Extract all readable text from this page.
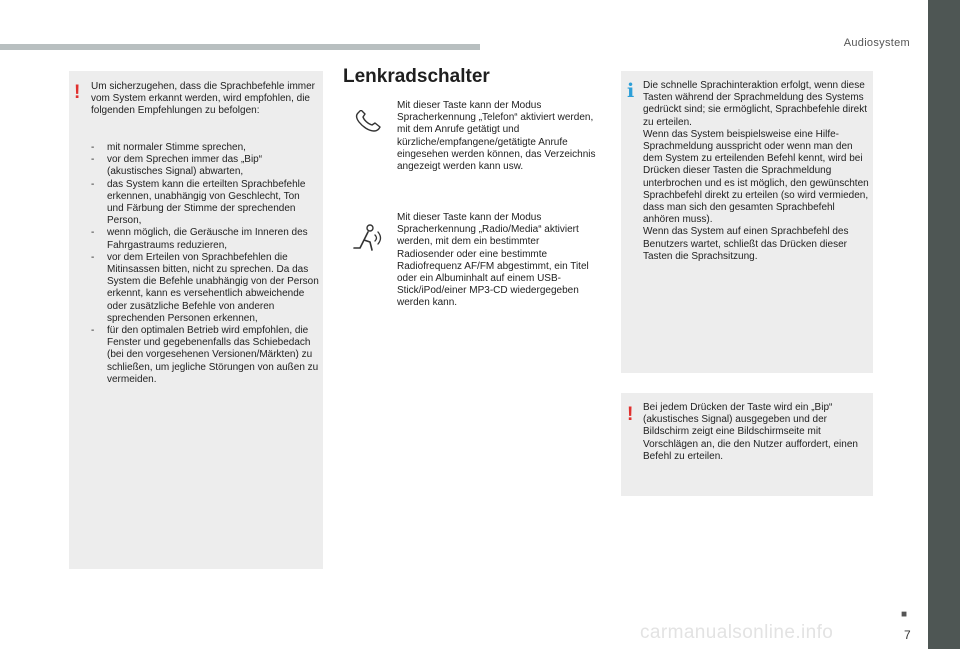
Audiosystem
! Um sicherzugehen, dass die Sprachbefehle immer vom System erkannt werden, wird empfohlen, die folgenden Empfehlungen zu befolgen:
- mit normaler Stimme sprechen,
- vor dem Sprechen immer das „Bip“ (akustisches Signal) abwarten,
- das System kann die erteilten Sprachbefehle erkennen, unabhängig von Geschlecht, Ton und Färbung der Stimme der sprechenden Person,
- wenn möglich, die Geräusche im Inneren des Fahrgastraums reduzieren,
- vor dem Erteilen von Sprachbefehlen die Mitinsassen bitten, nicht zu sprechen. Da das System die Befehle unabhängig von der Person erkennt, kann es versehentlich abweichende oder zusätzliche Befehle von anderen sprechenden Personen erkennen,
- für den optimalen Betrieb wird empfohlen, die Fenster und gegebenenfalls das Schiebedach (bei den vorgesehenen Versionen/Märkten) zu schließen, um jegliche Störungen von außen zu vermeiden.
Lenkradschalter
Mit dieser Taste kann der Modus Spracherkennung „Telefon“ aktiviert werden, mit dem Anrufe getätigt und kürzliche/empfangene/getätigte Anrufe eingesehen werden können, das Verzeichnis angezeigt werden kann usw.
Mit dieser Taste kann der Modus Spracherkennung „Radio/Media“ aktiviert werden, mit dem ein bestimmter Radiosender oder eine bestimmte Radiofrequenz AF/FM abgestimmt, ein Titel oder ein Albuminhalt auf einem USB-Stick/iPod/einer MP3-CD wiedergegeben werden kann.
i Die schnelle Sprachinteraktion erfolgt, wenn diese Tasten während der Sprachmeldung des Systems gedrückt sind; sie ermöglicht, Sprachbefehle direkt zu erteilen.
Wenn das System beispielsweise eine Hilfe-Sprachmeldung ausspricht oder wenn man den dem System zu erteilenden Befehl kennt, wird bei Drücken dieser Tasten die Sprachmeldung unterbrochen und es ist möglich, den gewünschten Sprachbefehl direkt zu erteilen (so wird vermieden, dass man sich den gesamten Sprachbefehl anhören muss).
Wenn das System auf einen Sprachbefehl des Benutzers wartet, schließt das Drücken dieser Tasten die Sprachsitzung.
! Bei jedem Drücken der Taste wird ein „Bip“ (akustisches Signal) ausgegeben und der Bildschirm zeigt eine Bildschirmseite mit Vorschlägen an, die den Nutzer auffordert, einen Befehl zu erteilen.
■
7
carmanualsonline.info
